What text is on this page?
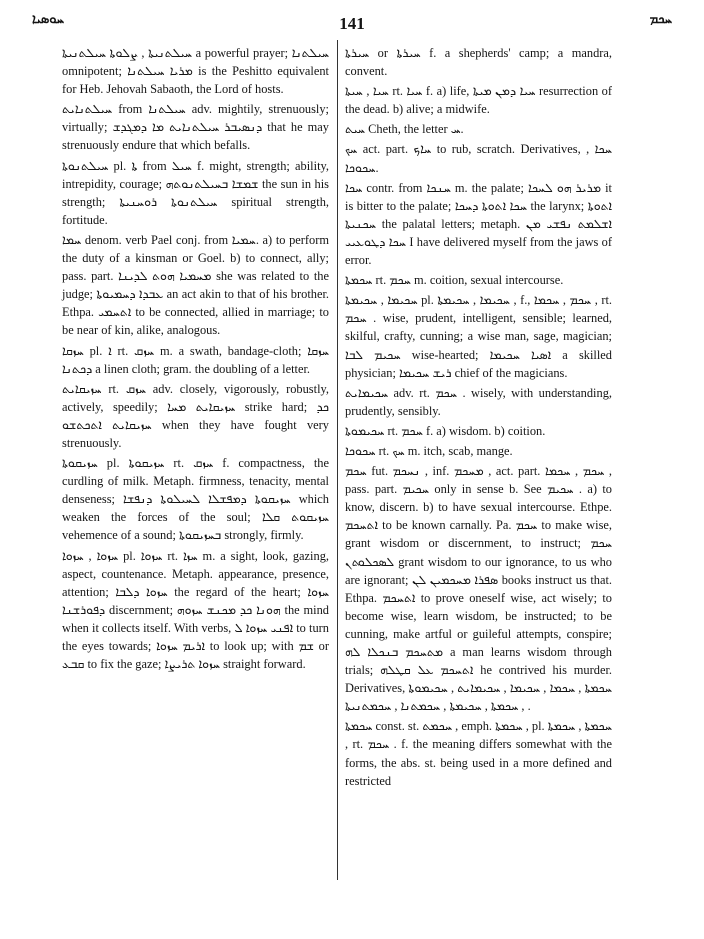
ܚܘܣܝܐ	141	ܚܟܡ

ܚܝܠܬܢܝܬܐ , ܨܠܘܬܐ ܚܝܠܬܢܝܬܐ a powerful prayer; ܚܝܠܬܢܐ omnipotent; ܡܪܝܐ ܚܝܠܬܢܐ is the Peshitto equivalent for Heb. Jehovah Sabaoth, the Lord of hosts.

ܚܝܠܬܢܐܝܬ from ܚܝܠܬܢܐ adv. mightily, strenuously; virtually; ܕܢܣܝܒܪ ܚܝܠܬܢܐܝܬ ܡܐ ܕܡܓܕܫ that he may strenuously endure that which befalls.

ܚܝܠܬܢܘܬܐ pl. ܬܐ from ܚܝܠ f. might, strength; ability, intrepidity, courage; ܫܡܫܐ ܒܚܝܠܬܢܘܬܗ the sun in his strength; ܚܝܠܬܢܘܬܐ ܪܘܚܢܝܬܐ spiritual strength, fortitude.

ܚܡܐ denom. verb Pael conj. from ܚܡܝܐ. a) to perform the duty of a kinsman or Goel. b) to connect, ally; pass. part. ܡܚܡܝܐ ܗܘܬ ܠܕܝܢܐ she was related to the judge; ܥܒܕܐ ܕܚܡܝܘܬܐ an act akin to that of his brother. Ethpa. ܐܬܚܡܝ to be connected, allied in marriage; to be near of kin, alike, analogous.

ܚܙܩܐ pl. ܐ rt. ܚܙܩ m. a swath, bandage-cloth; ܚܙܩܐ ܕܟܬܢܐ a linen cloth; gram. the doubling of a letter.

ܚܙܝܩܐܝܬ rt. ܚܙܩ adv. closely, vigorously, robustly, actively, speedily; ܚܙܝܩܐܝܬ ܡܚܐ strike hard; ܟܕ ܚܙܝܩܐܝܬ ܐܬܟܬܫܘ when they have fought very strenuously.

ܚܙܝܩܘܬܐ pl. ܚܙܝܩܘܬܐ rt. ܚܙܩ f. compactness, the curdling of milk. Metaph. firmness, tenacity, mental denseness; ܚܙܝܩܘܬܐ ܕܡܦܫܠܐ ܠܚܝܠܘܬܐ ܕܢܦܫܐ which weaken the forces of the soul; ܚܙܝܩܘܬ ܩܠܐ vehemence of a sound; ܒܚܙܝܩܘܬܐ strongly, firmly.

ܚܙܘܐ , ܚܙܘܐ pl. ܚܙܘܐ rt. ܚܙܐ m. a sight, look, gazing, aspect, countenance. Metaph. appearance, presence, attention; ܚܙܘܐ ܕܠܒܐ the regard of the heart; ܚܙܘܐ ܕܦܘܪܫܢܐ discernment; ܗܘܢܐ ܟܕ ܡܟܢܫ ܚܙܘܗ the mind when it collects itself. With verbs, ܐܦܢܝ ܚܙܘܐ ܠ to turn the eyes towards; ܐܪܝܡ ܚܙܘܐ to look up; with ܫܡ or ܩܒܥ to fix the gaze; ܚܙܘܐ ܬܪܝܨܐ straight forward.

ܚܝܪܬܐ or ܚܝܪܬܐ f. a shepherds' camp; a mandra, convent.

ܚܝܐ , ܚܝܬܐ rt. ܚܝܐ f. a) life, ܚܝܐ ܕܡܢ ܡܝܬܐ resurrection of the dead. b) alive; a midwife.

ܚܝܬ Cheth, the letter ܚ.

ܚܟ act. part. ܚܐܟ to rub, scratch. Derivatives, ܚܟܐ , ܚܟܘܟܐ.

ܚܟܐ contr. from ܚܢܟܐ m. the palate; ܡܪܝܪ ܗܘ ܠܚܟܐ it is bitter to the palate; ܚܟܐ ܐܬܘܬܐ ܕܚܟܐ the larynx; ܐܬܘܬܐ ܚܟܢܝܬܐ the palatal letters; metaph. ܐܫܠܡܬ ܢܦܫܝ ܡܢ ܚܟܐ ܕܛܘܥܝܝ I have delivered myself from the jaws of error.

ܚܟܡܬܐ rt. ܚܟܡ m. coition, sexual intercourse.

ܚܟܝܡܐ , ܚܟܝܡܬܐ pl. ܚܟܝܡܐ , ܚܟܝܡܬܐ , f., ܚܟܡ , ܚܟܡܐ , rt. ܚܟܡ . wise, prudent, intelligent, sensible; learned, skilful, crafty, cunning; a wise man, sage, magician; ܚܟܝܡ ܠܒܐ wise-hearted; ܐܣܝܐ ܚܟܝܡܐ a skilled physician; ܪܝܫ ܚܟܝܡܐ chief of the magicians.

ܚܟܝܡܐܝܬ adv. rt. ܚܟܡ . wisely, with understanding, prudently, sensibly.

ܚܟܝܡܘܬܐ rt. ܚܟܡ f. a) wisdom. b) coition.

ܚܟܘܟܐ rt. ܚܟ m. itch, scab, mange.

ܚܟܡ fut. ܢܚܟܡ , inf. ܡܚܟܡ , act. part. ܚܟܡ , ܚܟܡܐ , pass. part. ܚܟܝܡ only in sense b. See ܚܟܝܡ . a) to know, discern. b) to have sexual intercourse. Ethpe. ܐܬܚܟܡ to be known carnally. Pa. ܚܟܡ to make wise, grant wisdom or discernment, to instruct; ܚܟܡ ܠܣܟܠܘܬܢ grant wisdom to our ignorance, to us who are ignorant; ܣܦܪܐ ܡܚܟܡܝܢ ܠܢ books instruct us that. Ethpa. ܐܬܚܟܡ to prove oneself wise, act wisely; to become wise, learn wisdom, be instructed; to be cunning, make artful or guileful attempts, conspire; ܡܬܚܟܡ ܒܢܟܠܐ ܠܗ a man learns wisdom through trials; ܐܬܚܟܡ ܥܠ ܩܛܠܗ he contrived his murder. Derivatives, ܚܟܡܬܐ , ܚܟܡܐ , ܚܟܝܡܐ , ܚܟܝܡܐܝܬ , ܚܟܝܡܘܬܐ , ܚܟܡܬܐ , ܚܟܝܡܬܐ , ܚܟܡܬܢܐ , ܚܟܡܬܢܝܬܐ .

ܚܟܡܬܐ const. st. ܚܟܡܬ , emph. ܚܟܡܬܐ , pl. ܚܟܡܬܐ , ܚܟܡܬܐ , rt. ܚܟܡ . f. the meaning differs somewhat with the forms, the abs. st. being used in a more defined and restricted
